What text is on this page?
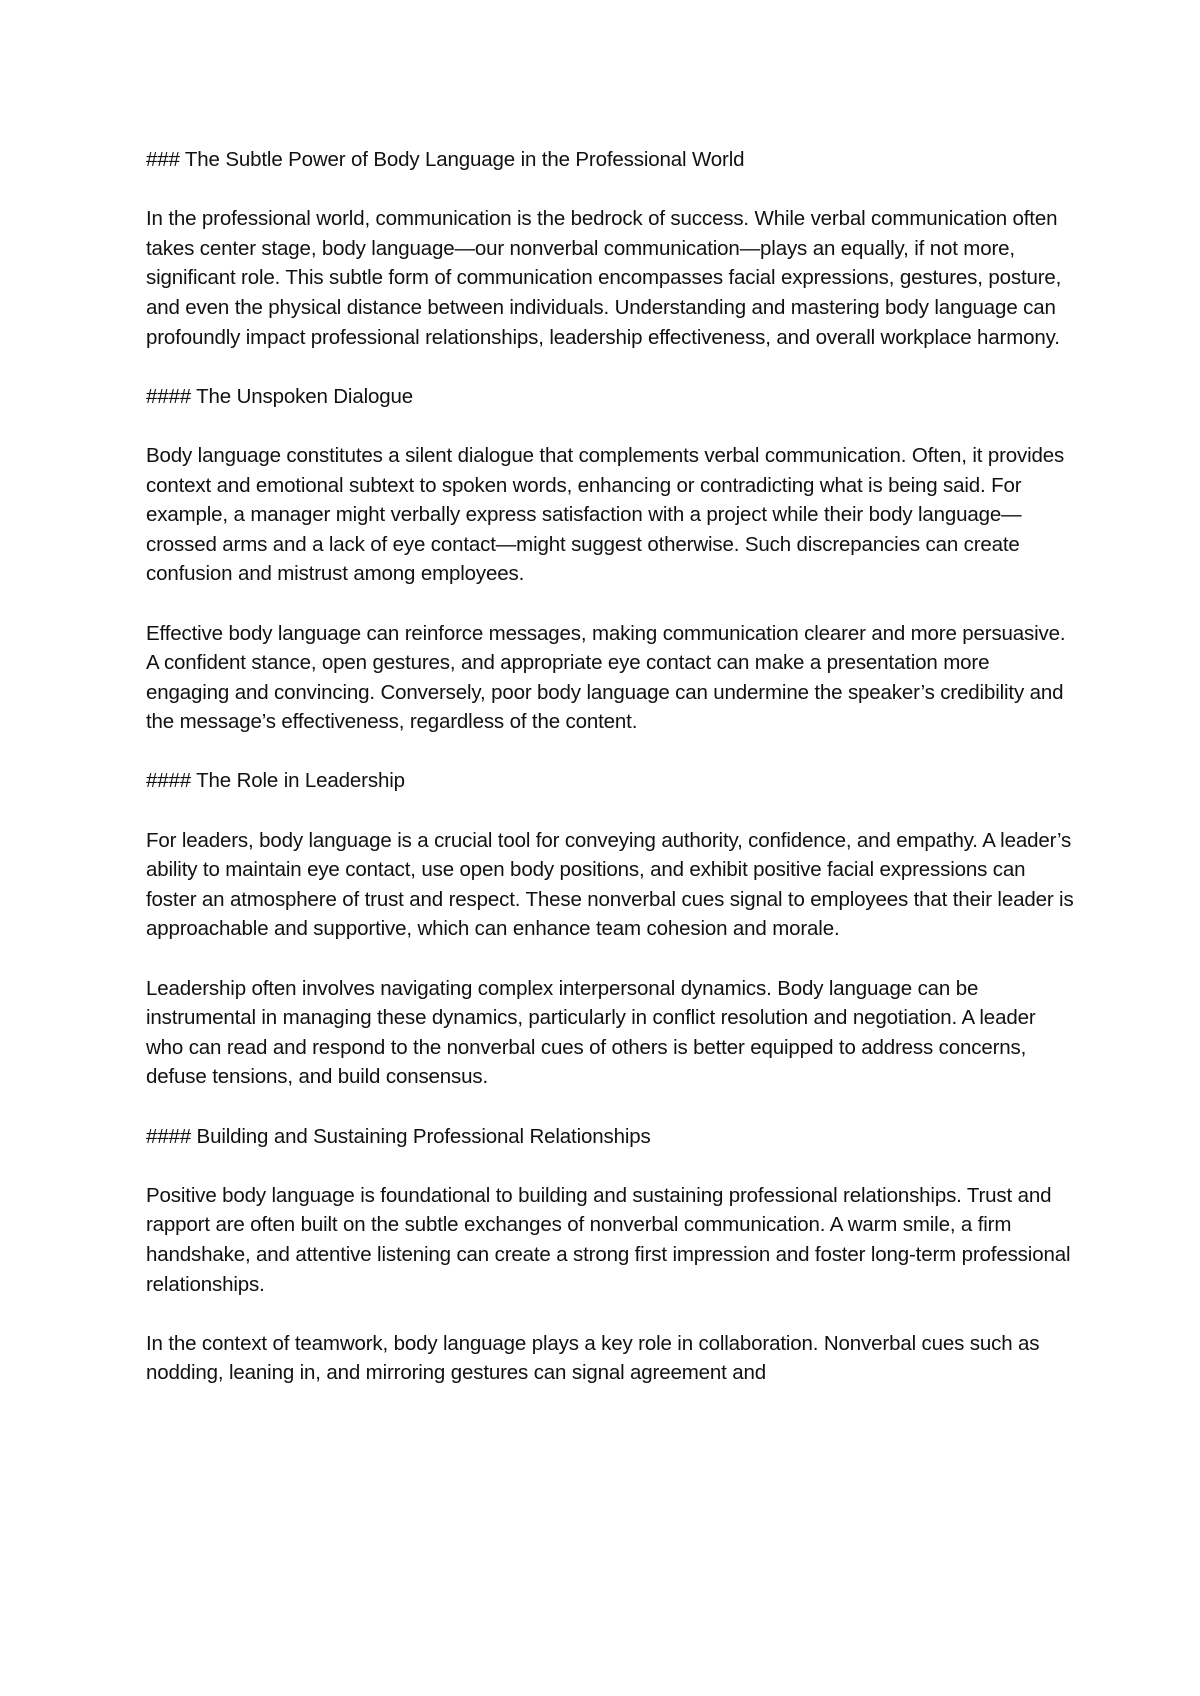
### The Subtle Power of Body Language in the Professional World

In the professional world, communication is the bedrock of success. While verbal communication often takes center stage, body language—our nonverbal communication—plays an equally, if not more, significant role. This subtle form of communication encompasses facial expressions, gestures, posture, and even the physical distance between individuals. Understanding and mastering body language can profoundly impact professional relationships, leadership effectiveness, and overall workplace harmony.

#### The Unspoken Dialogue

Body language constitutes a silent dialogue that complements verbal communication. Often, it provides context and emotional subtext to spoken words, enhancing or contradicting what is being said. For example, a manager might verbally express satisfaction with a project while their body language—crossed arms and a lack of eye contact—might suggest otherwise. Such discrepancies can create confusion and mistrust among employees.

Effective body language can reinforce messages, making communication clearer and more persuasive. A confident stance, open gestures, and appropriate eye contact can make a presentation more engaging and convincing. Conversely, poor body language can undermine the speaker’s credibility and the message’s effectiveness, regardless of the content.

#### The Role in Leadership

For leaders, body language is a crucial tool for conveying authority, confidence, and empathy. A leader’s ability to maintain eye contact, use open body positions, and exhibit positive facial expressions can foster an atmosphere of trust and respect. These nonverbal cues signal to employees that their leader is approachable and supportive, which can enhance team cohesion and morale.

Leadership often involves navigating complex interpersonal dynamics. Body language can be instrumental in managing these dynamics, particularly in conflict resolution and negotiation. A leader who can read and respond to the nonverbal cues of others is better equipped to address concerns, defuse tensions, and build consensus.

#### Building and Sustaining Professional Relationships

Positive body language is foundational to building and sustaining professional relationships. Trust and rapport are often built on the subtle exchanges of nonverbal communication. A warm smile, a firm handshake, and attentive listening can create a strong first impression and foster long-term professional relationships.

In the context of teamwork, body language plays a key role in collaboration. Nonverbal cues such as nodding, leaning in, and mirroring gestures can signal agreement and
